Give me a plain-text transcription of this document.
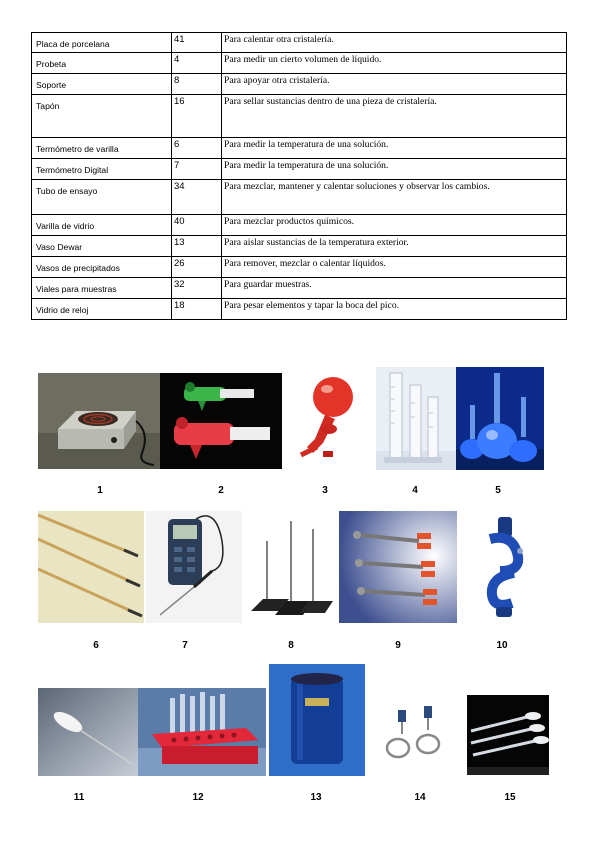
Placa de porcelana	41	Para calentar otra cristalería.
Probeta	4	Para medir un cierto volumen de líquido.
Soporte	8	Para apoyar otra cristalería.
Tapón	16	Para sellar sustancias dentro de una pieza de cristalería.
Termómetro de varilla	6	Para medir la temperatura de una solución.
Termómetro Digital	7	Para medir la temperatura de una solución.
Tubo de ensayo	34	Para mezclar, mantener y calentar soluciones y observar los cambios.
Varilla de vidrio	40	Para mezclar productos químicos.
Vaso Dewar	13	Para aislar sustancias de la temperatura exterior.
Vasos de precipitados	26	Para remover, mezclar o calentar líquidos.
Viales para muestras	32	Para guardar muestras.
Vidrio de reloj	18	Para pesar elementos y tapar la boca del pico.
1	2	3	4	5
6	7	8	9	10
11	12	13	14	15
